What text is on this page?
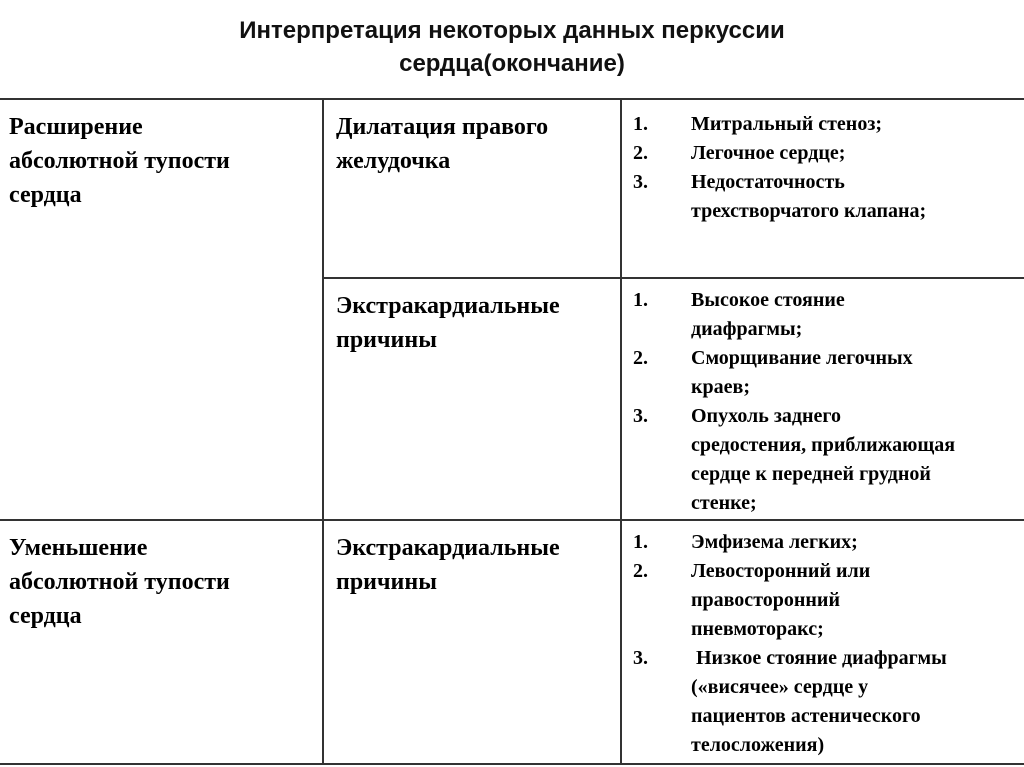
Интерпретация некоторых данных перкуссии
сердца(окончание)
Расширение
абсолютной тупости
сердца
Дилатация правого
желудочка
1. Митральный стеноз;
2. Легочное сердце;
3. Недостаточность
трехстворчатого клапана;
Экстракардиальные
причины
1. Высокое стояние
диафрагмы;
2. Сморщивание легочных
краев;
3. Опухоль заднего
средостения, приближающая
сердце к передней грудной
стенке;
Уменьшение
абсолютной тупости
сердца
Экстракардиальные
причины
1. Эмфизема легких;
2. Левосторонний или
правосторонний
пневмоторакс;
3. Низкое стояние диафрагмы
(«висячее» сердце у
пациентов астенического
телосложения)
